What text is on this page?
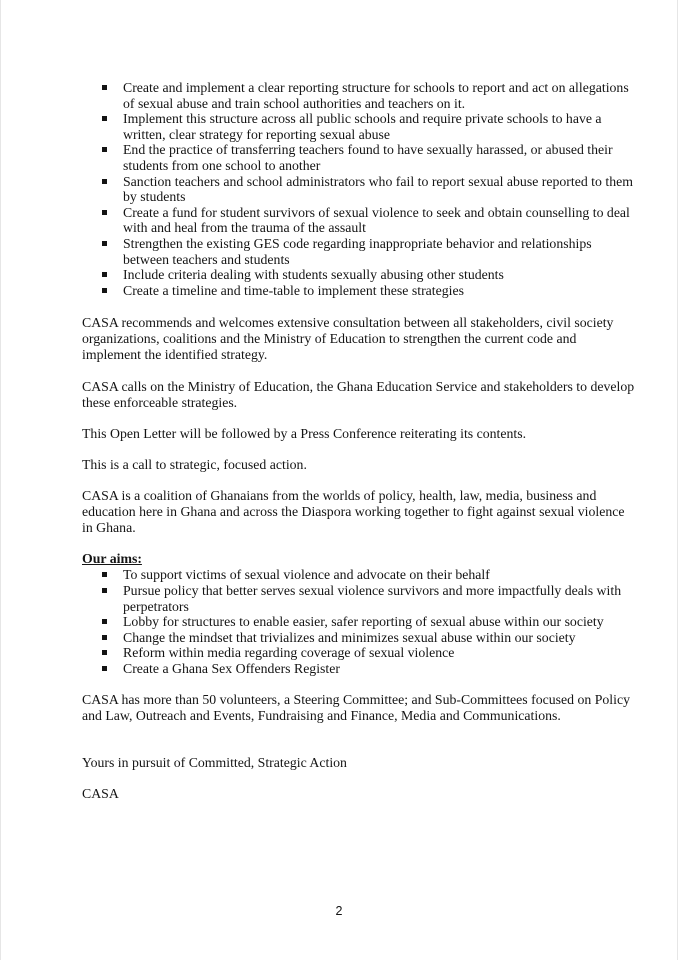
Create and implement a clear reporting structure for schools to report and act on allegations of sexual abuse and train school authorities and teachers on it.
Implement this structure across all public schools and require private schools to have a written, clear strategy for reporting sexual abuse
End the practice of transferring teachers found to have sexually harassed, or abused their students from one school to another
Sanction teachers and school administrators who fail to report sexual abuse reported to them by students
Create a fund for student survivors of sexual violence to seek and obtain counselling to deal with and heal from the trauma of the assault
Strengthen the existing GES code regarding inappropriate behavior and relationships between teachers and students
Include criteria dealing with students sexually abusing other students
Create a timeline and time-table to implement these strategies

CASA recommends and welcomes extensive consultation between all stakeholders, civil society organizations, coalitions and the Ministry of Education to strengthen the current code and implement the identified strategy.

CASA calls on the Ministry of Education, the Ghana Education Service and stakeholders to develop these enforceable strategies.

This Open Letter will be followed by a Press Conference reiterating its contents.

This is a call to strategic, focused action.

CASA is a coalition of Ghanaians from the worlds of policy, health, law, media, business and education here in Ghana and across the Diaspora working together to fight against sexual violence in Ghana.

Our aims:

To support victims of sexual violence and advocate on their behalf
Pursue policy that better serves sexual violence survivors and more impactfully deals with perpetrators
Lobby for structures to enable easier, safer reporting of sexual abuse within our society
Change the mindset that trivializes and minimizes sexual abuse within our society
Reform within media regarding coverage of sexual violence
Create a Ghana Sex Offenders Register

CASA has more than 50 volunteers, a Steering Committee; and Sub-Committees focused on Policy and Law, Outreach and Events, Fundraising and Finance, Media and Communications.

Yours in pursuit of Committed, Strategic Action

CASA

2
